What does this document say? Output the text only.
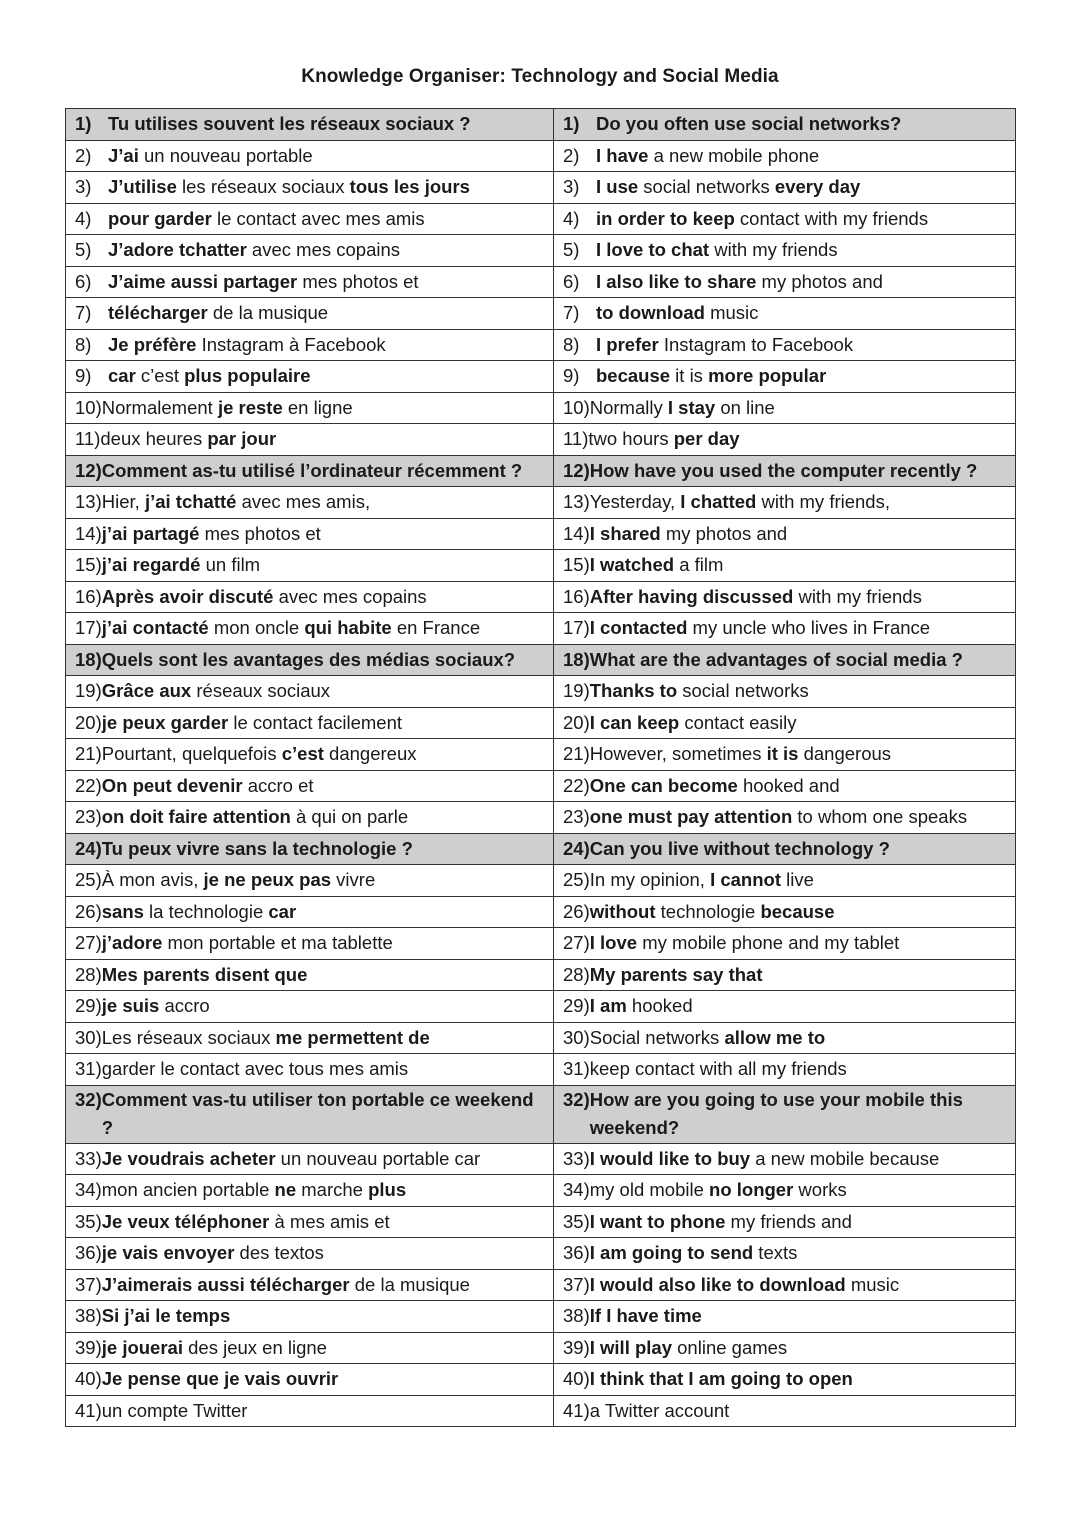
Knowledge Organiser: Technology and Social Media
1) Tu utilises souvent les réseaux sociaux ?	1) Do you often use social networks?

2) J’ai un nouveau portable	2) I have a new mobile phone

3) J’utilise les réseaux sociaux tous les jours	3) I use social networks every day

4) pour garder le contact avec mes amis	4) in order to keep contact with my friends

5) J’adore tchatter avec mes copains	5) I love to chat with my friends

6) J’aime aussi partager mes photos et	6) I also like to share my photos and

7) télécharger de la musique	7) to download music

8) Je préfère Instagram à Facebook	8) I prefer Instagram to Facebook

9) car c’est plus populaire	9) because it is more popular

10) Normalement je reste en ligne	10) Normally I stay on line

11) deux heures par jour	11) two hours per day

12) Comment as-tu utilisé l’ordinateur récemment ?	12) How have you used the computer recently ?

13) Hier, j’ai tchatté avec mes amis,	13) Yesterday, I chatted with my friends,

14) j’ai partagé mes photos et	14) I shared my photos and

15) j’ai regardé un film	15) I watched a film

16) Après avoir discuté avec mes copains	16) After having discussed with my friends

17) j’ai contacté mon oncle qui habite en France	17) I contacted my uncle who lives in France

18) Quels sont les avantages des médias sociaux?	18) What are the advantages of social media ?

19) Grâce aux réseaux sociaux	19) Thanks to social networks

20) je peux garder le contact facilement	20) I can keep contact easily

21) Pourtant, quelquefois c’est dangereux	21) However, sometimes it is dangerous

22) On peut devenir accro et	22) One can become hooked and

23) on doit faire attention à qui on parle	23) one must pay attention to whom one speaks

24) Tu peux vivre sans la technologie ?	24) Can you live without technology ?

25) À mon avis, je ne peux pas vivre	25) In my opinion, I cannot live

26) sans la technologie car	26) without technologie because

27) j’adore mon portable et ma tablette	27) I love my mobile phone and my tablet

28) Mes parents disent que	28) My parents say that

29) je suis accro	29) I am hooked

30) Les réseaux sociaux me permettent de	30) Social networks allow me to

31) garder le contact avec tous mes amis	31) keep contact with all my friends

32) Comment vas-tu utiliser ton portable ce weekend ?	32) How are you going to use your mobile this weekend?

33) Je voudrais acheter un nouveau portable car	33) I would like to buy a new mobile because

34) mon ancien portable ne marche plus	34) my old mobile no longer works

35) Je veux téléphoner à mes amis et	35) I want to phone my friends and

36) je vais envoyer des textos	36) I am going to send texts

37) J’aimerais aussi télécharger de la musique	37) I would also like to download music

38) Si j’ai le temps	38) If I have time

39) je jouerai des jeux en ligne	39) I will play online games

40) Je pense que je vais ouvrir	40) I think that I am going to open

41) un compte Twitter	41) a Twitter account
